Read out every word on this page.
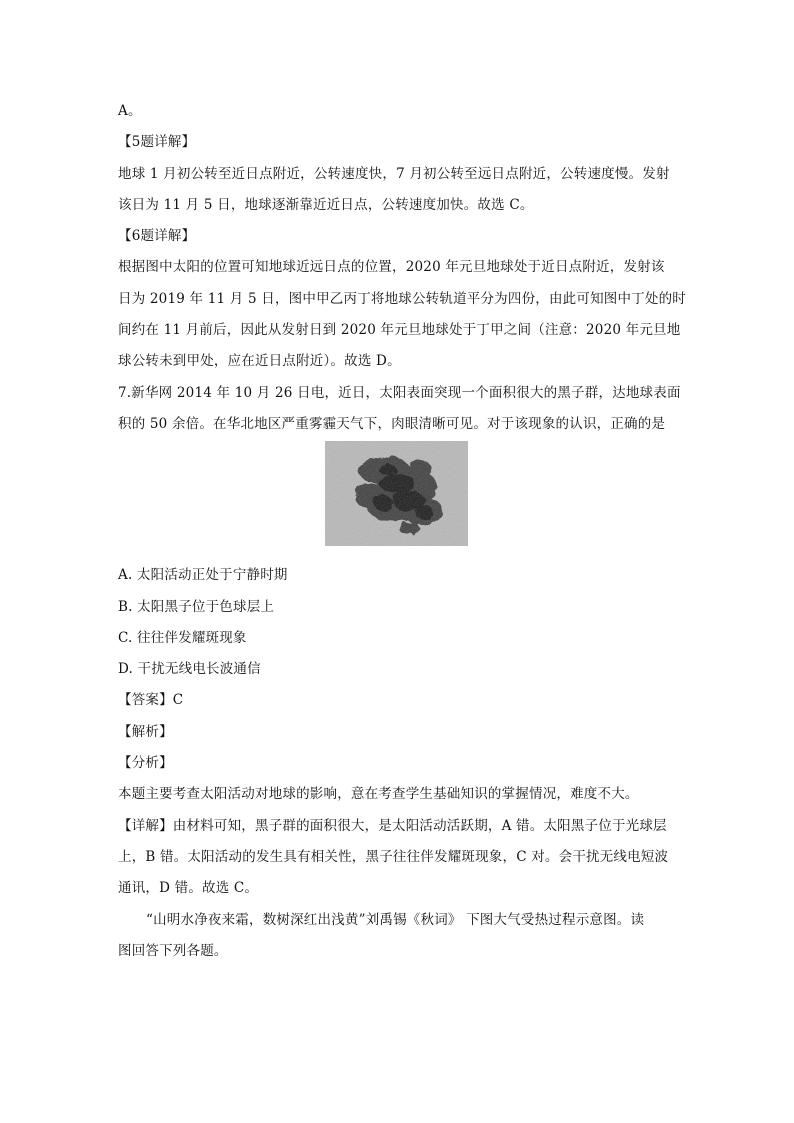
A。
【5题详解】
地球 1 月初公转至近日点附近，公转速度快，7 月初公转至远日点附近，公转速度慢。发射
该日为 11 月 5 日，地球逐渐靠近近日点，公转速度加快。故选 C。
【6题详解】
根据图中太阳的位置可知地球近远日点的位置，2020 年元旦地球处于近日点附近，发射该
日为 2019 年 11 月 5 日，图中甲乙丙丁将地球公转轨道平分为四份，由此可知图中丁处的时
间约在 11 月前后，因此从发射日到 2020 年元旦地球处于丁甲之间（注意：2020 年元旦地
球公转未到甲处，应在近日点附近）。故选 D。
7.新华网 2014 年 10 月 26 日电，近日，太阳表面突现一个面积很大的黑子群，达地球表面
积的 50 余倍。在华北地区严重雾霾天气下，肉眼清晰可见。对于该现象的认识，正确的是
A. 太阳活动正处于宁静时期
B. 太阳黑子位于色球层上
C. 往往伴发耀斑现象
D. 干扰无线电长波通信
【答案】C
【解析】
【分析】
本题主要考查太阳活动对地球的影响，意在考查学生基础知识的掌握情况，难度不大。
【详解】由材料可知，黑子群的面积很大，是太阳活动活跃期，A 错。太阳黑子位于光球层
上，B 错。太阳活动的发生具有相关性，黑子往往伴发耀斑现象，C 对。会干扰无线电短波
通讯，D 错。故选 C。
“山明水净夜来霜，数树深红出浅黄”刘禹锡《秋词》 下图大气受热过程示意图。读
图回答下列各题。
